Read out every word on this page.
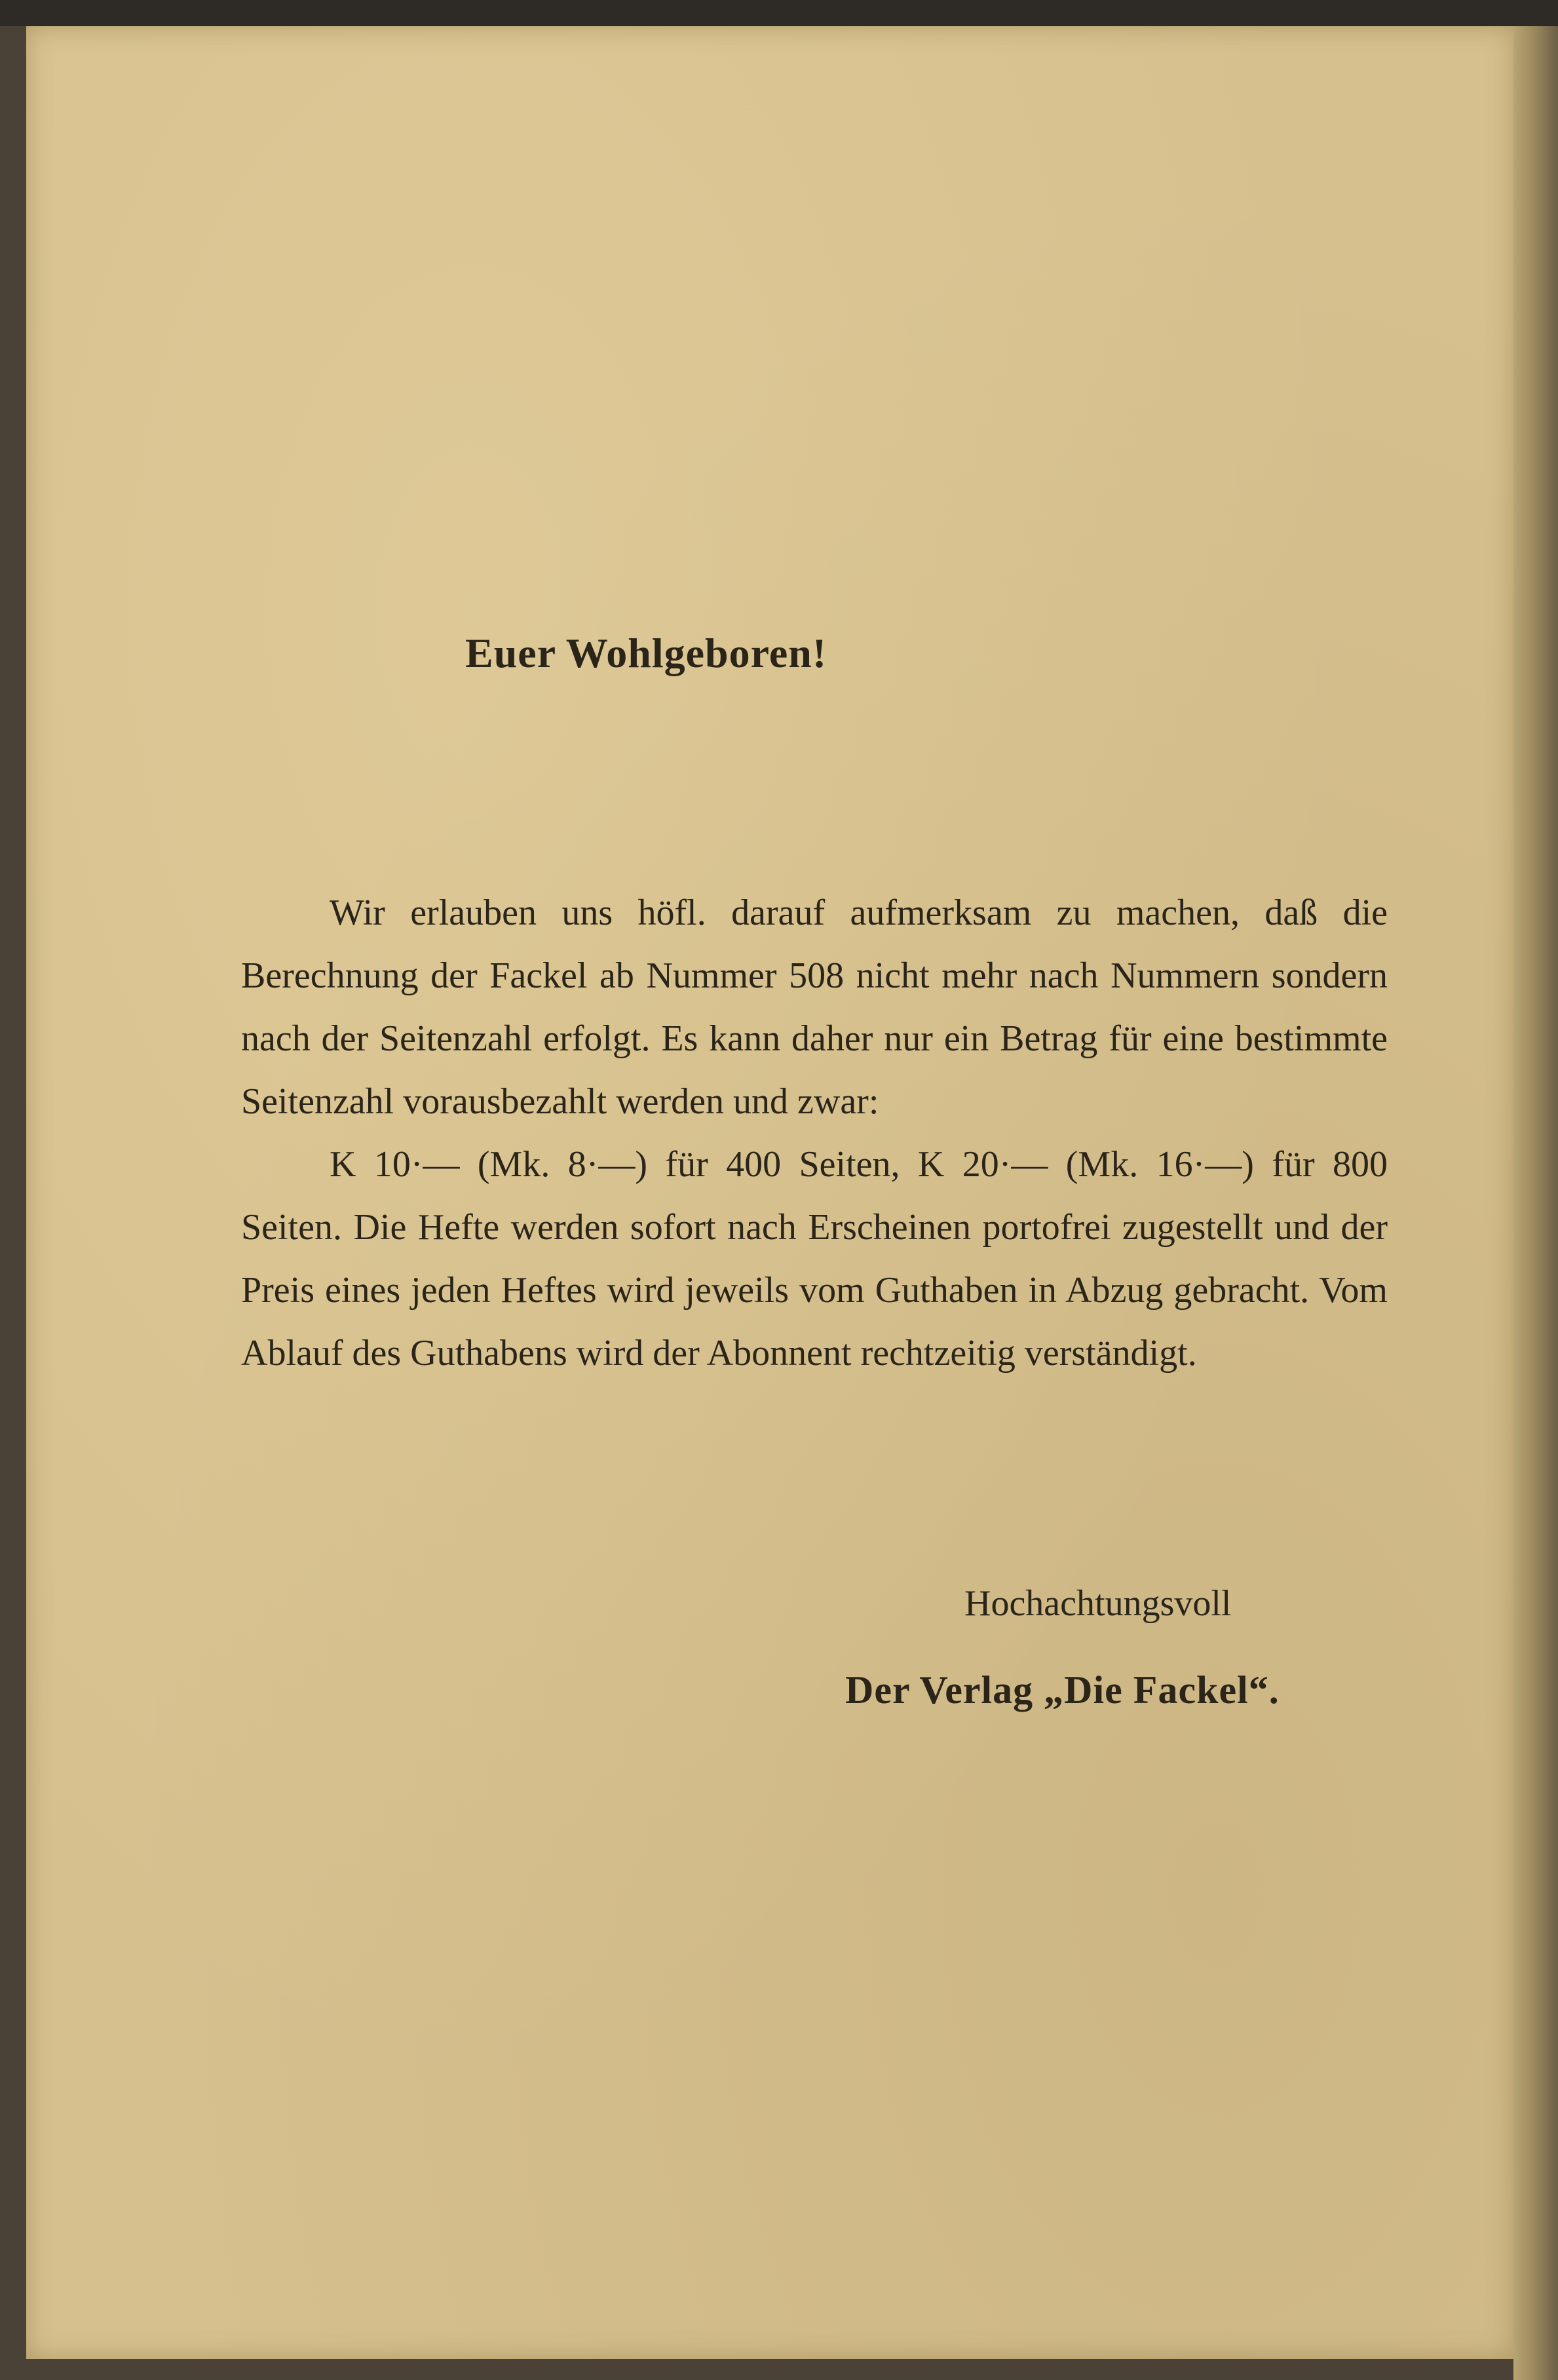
Euer Wohlgeboren!

Wir erlauben uns höfl. darauf aufmerksam zu machen, daß die Berechnung der Fackel ab Nummer 508 nicht mehr nach Nummern sondern nach der Seitenzahl erfolgt. Es kann daher nur ein Betrag für eine bestimmte Seitenzahl vorausbezahlt werden und zwar:

K 10·— (Mk. 8·—) für 400 Seiten, K 20·— (Mk. 16·—) für 800 Seiten. Die Hefte werden sofort nach Erscheinen portofrei zugestellt und der Preis eines jeden Heftes wird jeweils vom Guthaben in Abzug gebracht. Vom Ablauf des Guthabens wird der Abonnent rechtzeitig verständigt.

Hochachtungsvoll
Der Verlag „Die Fackel“.
